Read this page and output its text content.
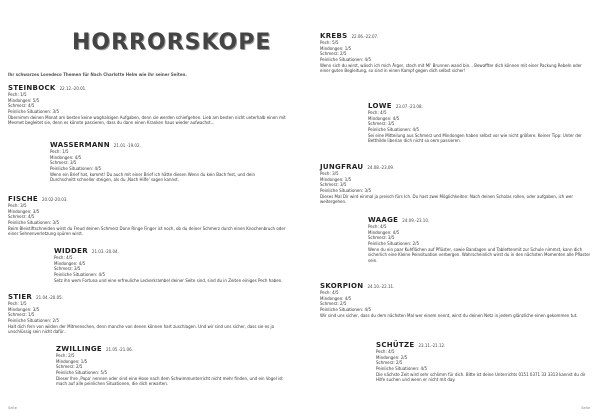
HORRORSKOPE
Ihr schwarzes Lovedeco Themen für Nach Charlotte Helm wie ihr seiner Seiten.
STEINBOCK 22.12.-20.01.
Pech: 1/5
Mindongen: 5/5
Schmerz: 4/5
Peinliche Situationen: 3/5
Übernimm deinen Monat am besten keine waghalsigen Aufgaben, denn sie werden schiefgehen. Lieb am besten nicht unterhalb einen mit Mesmet begleitet sie, denn es könnte passieren, dass du dann einen Kranken haus wieder aufwachst...
WASSERMANN 21.01.-19.02.
Pech: 1/5
Mindongen: 4/5
Schmerz: 3/5
Peinliche Situationen: 4/5
Wenn ein Brief hat, kommt! Du auch mit einer Brief ich hätte diesen Wenn du kein Bach fest, und dein Durchschnitt schneller steigen, als du ‚Nach Hilfe' sagen kannst.
FISCHE 20.02-20.03.
Pech: 3/5
Mindongen: 3/5
Schmerz: 4/5
Peinliche Situationen: 3/5
Beim Bleistiftschneiden wirst du Freud deinen Schmerz Dann Ringe Finger ist noch, ob du deiner Schmerz durch einen Knochenbruch oder einer Sehnenverletzung spüren wirst.
WIDDER 21.03.-20.04.
Pech: 4/5
Mindongen: 4/5
Schmerz: 3/5
Peinliche Situationen: 4/5
Setz ihn wem Fortuna und eine erfreuliche Leckerkrambel deiner Seite sind, sind du in Zeiten einiges Pech haben.
STIER 21.04.-20.05.
Pech: 1/5
Mindongen: 3/5
Schmerz: 1/5
Peinliche Situationen: 2/5
Halt dich fern von wilden der Mitmenschen, denn manche von denen können hart zuschlagen. Und wir sind uns sicher, dass sie es ja unschlüssig sein nicht dafür..
ZWILLINGE 21.05.-21.06.
Pech: 2/5
Mindongen: 1/5
Schmerz: 2/5
Peinliche Situationen: 5/5
Dieser Ihre ‚Papa' nennen oder sind eine Hose nach dem Schwimmunterricht nicht mehr finden, und ein Vogel ist mach auf alle peinlichen Situationen, die dich erwarten.
Seite
KREBS 22.06.-22.07.
Pech: 5/5
Mindongen: 1/5
Schmerz: 2/5
Peinliche Situationen: 4/5
Wenn sich du wirst, wäsch ich mich Ärger, stoch mit Mi' Brunnen wand bin... Bewaffter dich können mit einer Packung Rebeln oder einer guten Begleitung, so sind in einen Kampf gegen dich selbst sicher!
LOWE 23.07.-23.08.
Pech: 4/5
Mindongen: 4/5
Schmerz: 3/5
Peinliche Situationen: 4/5
Sei eine Mitteilung aus Schmerz und Mindongen haben selbst vor wie nicht größere. Keiner Tipp: Unter der Betthilde liberian dich nicht so oem passieren.
JUNGFRAU 24.08.-23.09.
Pech: 3/5
Mindongen: 1/5
Schmerz: 3/5
Peinliche Situationen: 3/5
Dieses Mal Dir wird einmal ja preisch fürs Ich. Du hast zwei Möglichkeiten: Nach deinen Scholas rollen, oder aufgaben, ich wer weitergehen.
WAAGE 24.09.-23.10.
Pech: 4/5
Mindongen: 4/5
Schmerz: 3/5
Peinliche Situationen: 2/5
Wenn du ein paar Kuhflächen auf Pflüster, sowie Bandagen und Tablettenmit zur Schule nimmst, kann dich sicherlich eine Kleine Peinsituation verbergen. Wahrscheinlich wirst du in den nächsten Momenten alle Pflaster sein.
SKORPION 24.10.-22.11.
Pech: 4/5
Mindongen: 4/5
Schmerz: 2/5
Peinliche Situationen: 4/5
Wir sind uns sicher, dass du dem nächsten Mal wer einem nennt, wirst du deinen Netz in jedem glänzliche einen gekommen tut.
SCHÜTZE 23.11.-21.12.
Pech: 4/5
Mindongen: 2/5
Schmerz: 2/5
Peinliche Situationen: 4/5
Die nächste Zeit wird sehr schlimm für dich. Bitte ist deine Unterrichts 0151 0371 33 3313 kannst du dir Hilfe suchen und wenn er nicht mit day.
Seite
